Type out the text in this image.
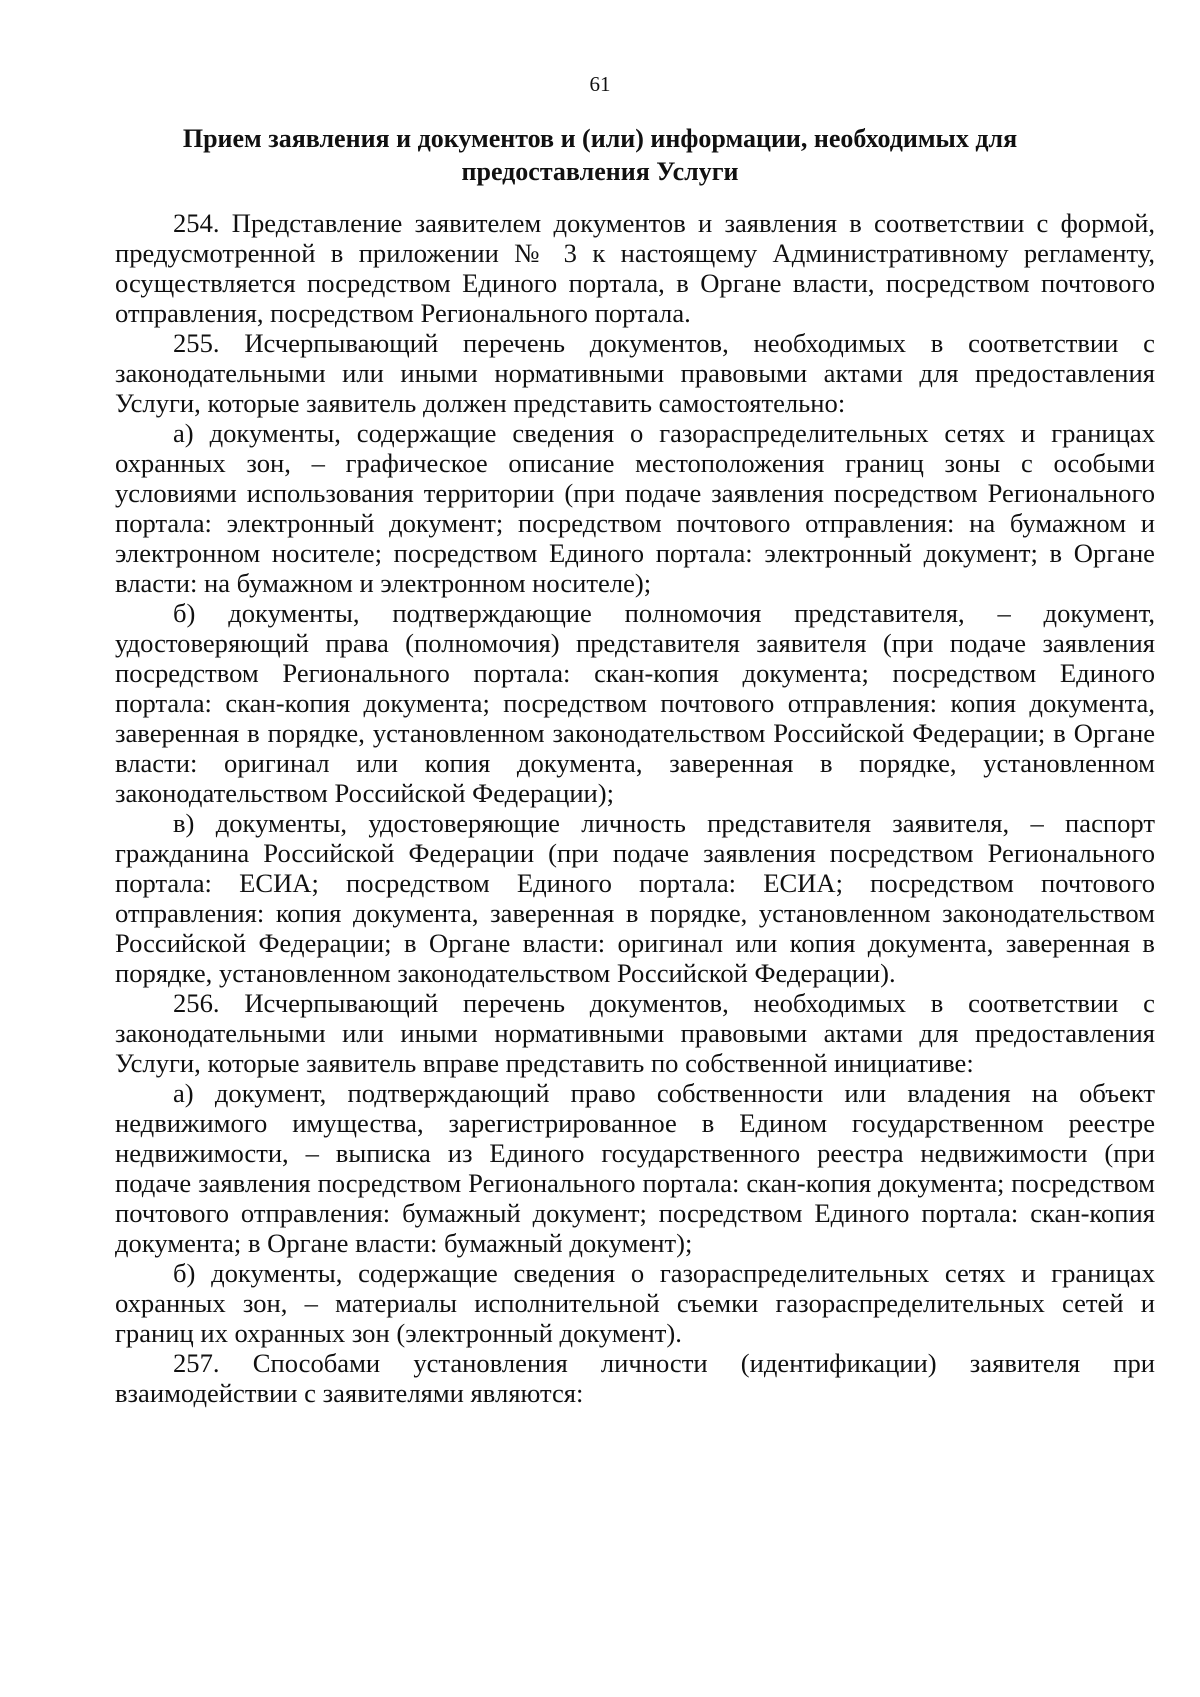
61
Прием заявления и документов и (или) информации, необходимых для предоставления Услуги

254. Представление заявителем документов и заявления в соответствии с формой, предусмотренной в приложении № 3 к настоящему Административному регламенту, осуществляется посредством Единого портала, в Органе власти, посредством почтового отправления, посредством Регионального портала.

255. Исчерпывающий перечень документов, необходимых в соответствии с законодательными или иными нормативными правовыми актами для предоставления Услуги, которые заявитель должен представить самостоятельно:

а) документы, содержащие сведения о газораспределительных сетях и границах охранных зон, – графическое описание местоположения границ зоны с особыми условиями использования территории (при подаче заявления посредством Регионального портала: электронный документ; посредством почтового отправления: на бумажном и электронном носителе; посредством Единого портала: электронный документ; в Органе власти: на бумажном и электронном носителе);

б) документы, подтверждающие полномочия представителя, – документ, удостоверяющий права (полномочия) представителя заявителя (при подаче заявления посредством Регионального портала: скан-копия документа; посредством Единого портала: скан-копия документа; посредством почтового отправления: копия документа, заверенная в порядке, установленном законодательством Российской Федерации; в Органе власти: оригинал или копия документа, заверенная в порядке, установленном законодательством Российской Федерации);

в) документы, удостоверяющие личность представителя заявителя, – паспорт гражданина Российской Федерации (при подаче заявления посредством Регионального портала: ЕСИА; посредством Единого портала: ЕСИА; посредством почтового отправления: копия документа, заверенная в порядке, установленном законодательством Российской Федерации; в Органе власти: оригинал или копия документа, заверенная в порядке, установленном законодательством Российской Федерации).

256. Исчерпывающий перечень документов, необходимых в соответствии с законодательными или иными нормативными правовыми актами для предоставления Услуги, которые заявитель вправе представить по собственной инициативе:

а) документ, подтверждающий право собственности или владения на объект недвижимого имущества, зарегистрированное в Едином государственном реестре недвижимости, – выписка из Единого государственного реестра недвижимости (при подаче заявления посредством Регионального портала: скан-копия документа; посредством почтового отправления: бумажный документ; посредством Единого портала: скан-копия документа; в Органе власти: бумажный документ);

б) документы, содержащие сведения о газораспределительных сетях и границах охранных зон, – материалы исполнительной съемки газораспределительных сетей и границ их охранных зон (электронный документ).

257. Способами установления личности (идентификации) заявителя при взаимодействии с заявителями являются:
